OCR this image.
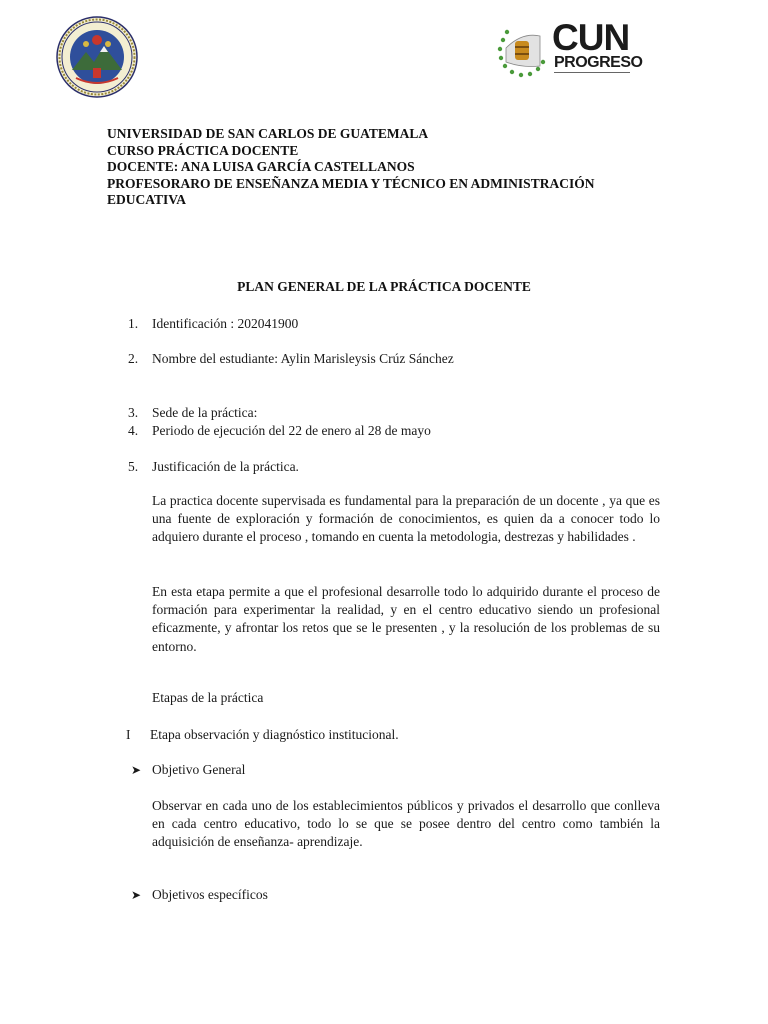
CUN
PROGRESO
UNIVERSIDAD DE SAN CARLOS DE GUATEMALA
CURSO PRÁCTICA DOCENTE
DOCENTE: ANA LUISA GARCÍA CASTELLANOS
PROFESORARO DE ENSEÑANZA MEDIA Y TÉCNICO EN ADMINISTRACIÓN
EDUCATIVA
PLAN GENERAL DE LA PRÁCTICA DOCENTE
1. Identificación : 202041900
2. Nombre del estudiante: Aylin Marisleysis Crúz Sánchez
3. Sede de la práctica:
4. Periodo de ejecución del 22 de enero al 28 de mayo
5. Justificación de la práctica.

La practica docente supervisada es fundamental para la preparación de un docente , ya que es una fuente de exploración y formación de conocimientos, es quien da a conocer todo lo adquiero durante el proceso , tomando en cuenta la metodologia, destrezas y habilidades .

En esta etapa permite a que el profesional desarrolle todo lo adquirido durante el proceso de formación para experimentar la realidad, y en el centro educativo siendo un profesional eficazmente, y afrontar los retos que se le presenten , y la resolución de los problemas de su entorno.

Etapas de la práctica
I Etapa observación y diagnóstico institucional.
➤ Objetivo General

Observar en cada uno de los establecimientos públicos y privados el desarrollo que conlleva en cada centro educativo, todo lo se que se posee dentro del centro como también la adquisición de enseñanza- aprendizaje.

➤ Objetivos específicos
